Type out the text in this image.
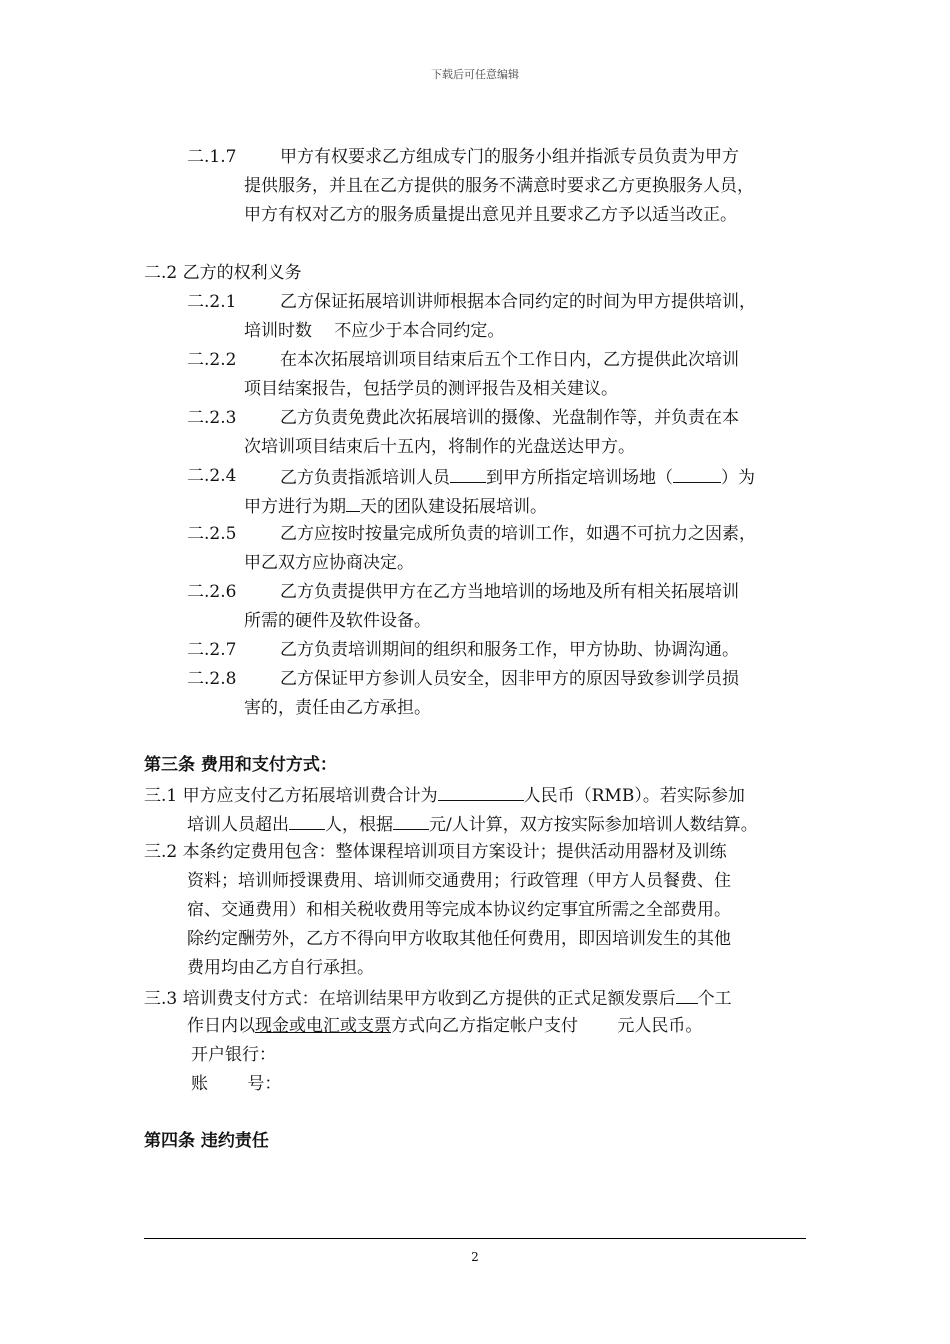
下载后可任意编辑
二.1.7	甲方有权要求乙方组成专门的服务小组并指派专员负责为甲方
提供服务，并且在乙方提供的服务不满意时要求乙方更换服务人员，
甲方有权对乙方的服务质量提出意见并且要求乙方予以适当改正。
二.2 乙方的权利义务
二.2.1	乙方保证拓展培训讲师根据本合同约定的时间为甲方提供培训，
培训时数　 不应少于本合同约定。
二.2.2	在本次拓展培训项目结束后五个工作日内，乙方提供此次培训
项目结案报告，包括学员的测评报告及相关建议。
二.2.3	乙方负责免费此次拓展培训的摄像、光盘制作等，并负责在本
次培训项目结束后十五内，将制作的光盘送达甲方。
二.2.4	乙方负责指派培训人员 到甲方所指定培训场地（	）为
甲方进行为期 天的团队建设拓展培训。
二.2.5	乙方应按时按量完成所负责的培训工作，如遇不可抗力之因素，
甲乙双方应协商决定。
二.2.6	乙方负责提供甲方在乙方当地培训的场地及所有相关拓展培训
所需的硬件及软件设备。
二.2.7	乙方负责培训期间的组织和服务工作，甲方协助、协调沟通。
二.2.8	乙方保证甲方参训人员安全，因非甲方的原因导致参训学员损
害的，责任由乙方承担。
第三条 费用和支付方式：
三.1 甲方应支付乙方拓展培训费合计为	人民币（RMB）。若实际参加
培训人员超出 人，根据 元/人计算，双方按实际参加培训人数结算。
三.2 本条约定费用包含：整体课程培训项目方案设计；提供活动用器材及训练
资料；培训师授课费用、培训师交通费用；行政管理（甲方人员餐费、住
宿、交通费用）和相关税收费用等完成本协议约定事宜所需之全部费用。
除约定酬劳外，乙方不得向甲方收取其他任何费用，即因培训发生的其他
费用均由乙方自行承担。
三.3 培训费支付方式：在培训结果甲方收到乙方提供的正式足额发票后 个工
作日内以现金或电汇或支票方式向乙方指定帐户支付　　 元人民币。
开户银行：
账　　 号：
第四条 违约责任
2
